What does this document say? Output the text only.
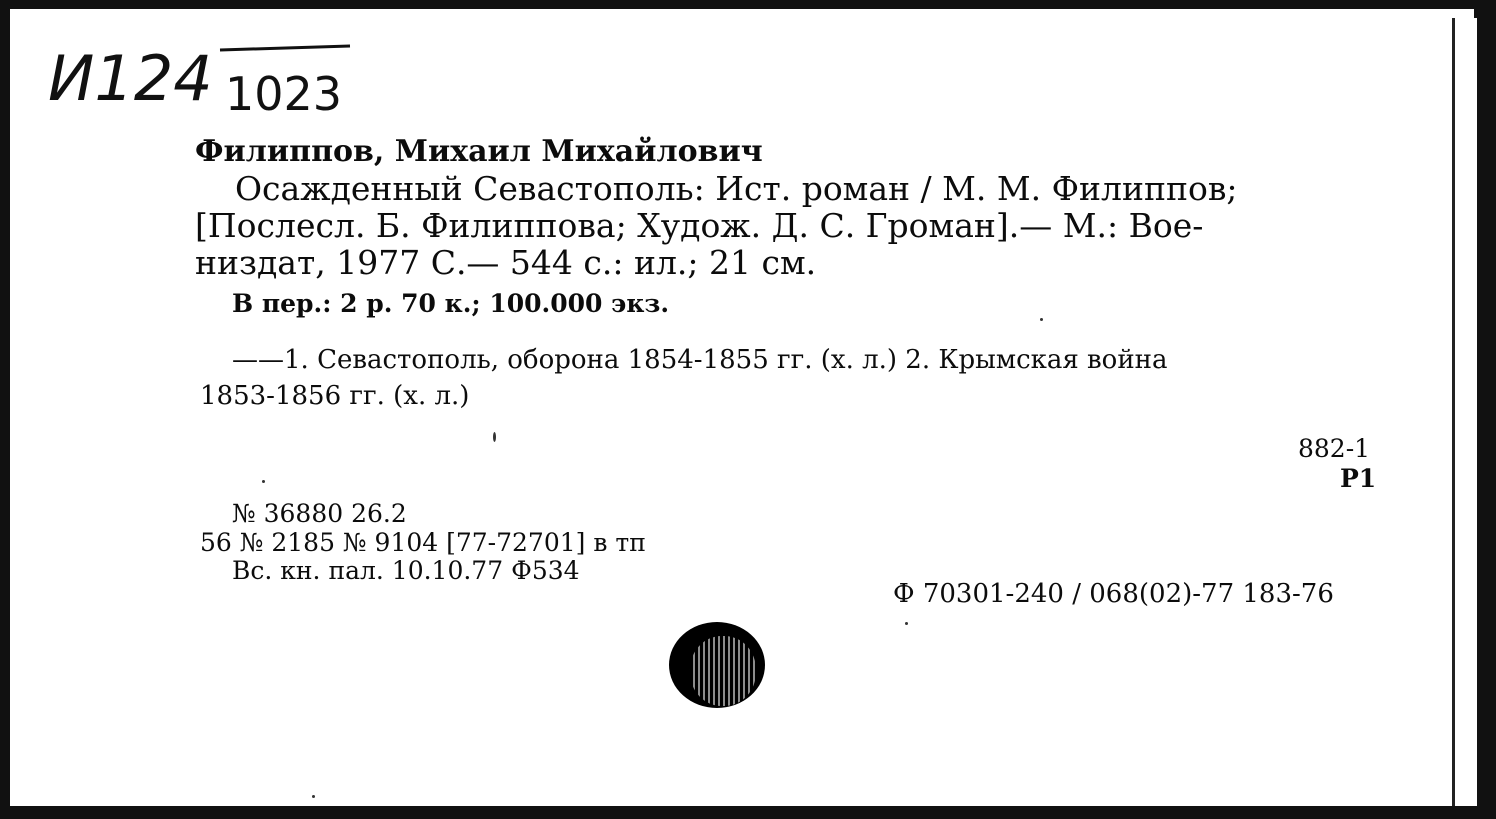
И124 1023
Филиппов, Михаил Михайлович
Осажденный Севастополь: Ист. роман / М. М. Филиппов;
[Послесл. Б. Филиппова; Худож. Д. С. Громан].— М.: Вое-
низдат, 1977 С.— 544 с.: ил.; 21 см.
В пер.: 2 р. 70 к.; 100.000 экз.
——1. Севастополь, оборона 1854-1855 гг. (х. л.) 2. Крымская война
1853-1856 гг. (х. л.)
882-1
Р1
№ 36880 26.2
56 № 2185 № 9104 [77-72701] в тп
Вс. кн. пал. 10.10.77 Ф534
Ф 70301-240 / 068(02)-77 183-76
